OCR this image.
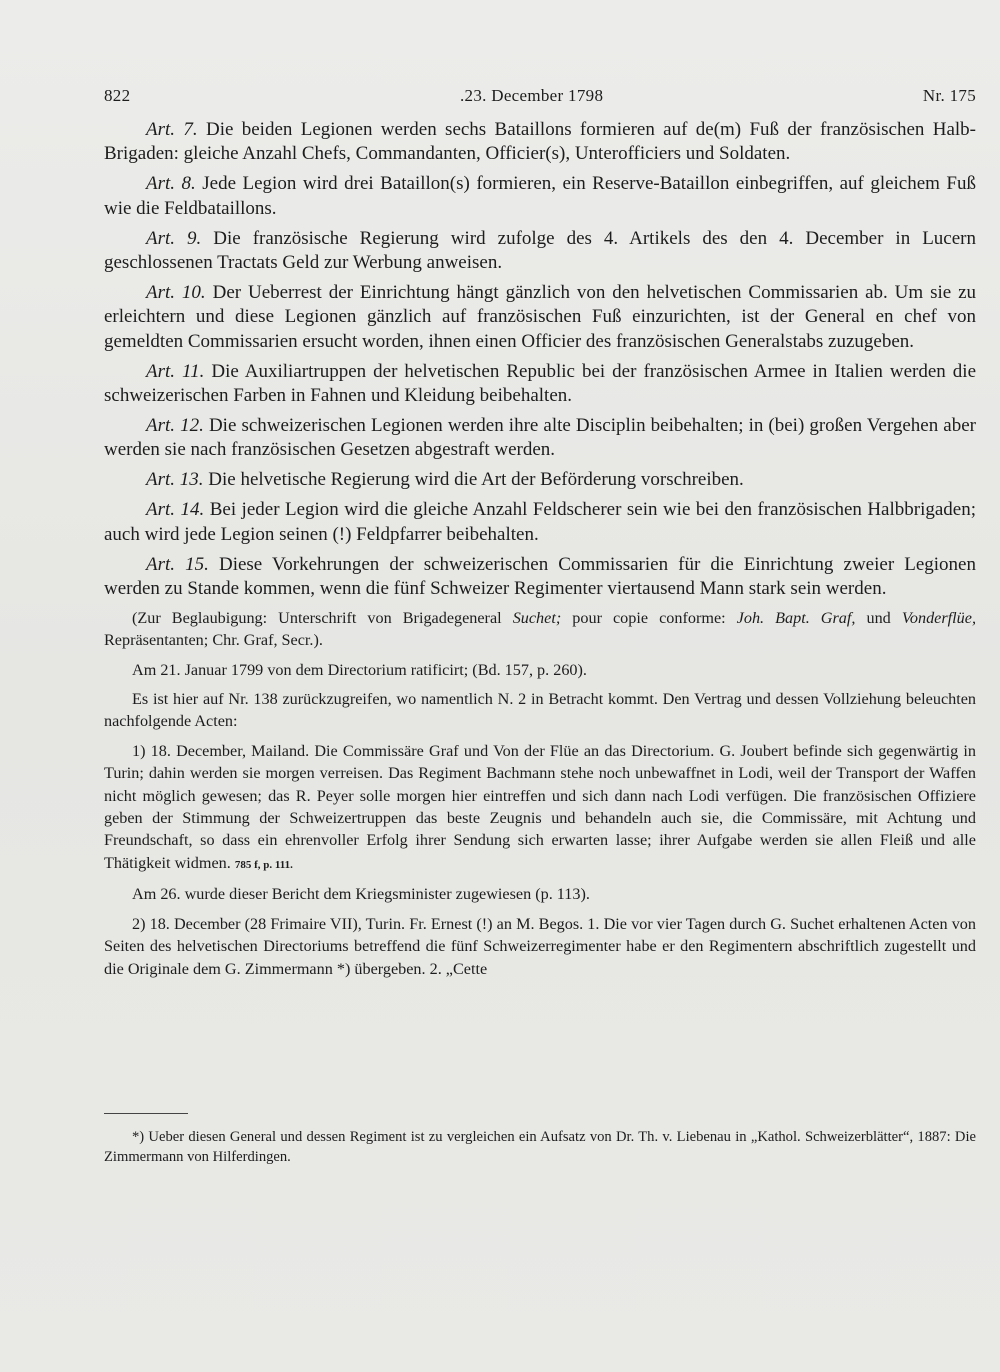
822	.23. December 1798	Nr. 175

Art. 7. Die beiden Legionen werden sechs Bataillons formieren auf de(m) Fuß der französischen Halb-Brigaden: gleiche Anzahl Chefs, Commandanten, Officier(s), Unterofficiers und Soldaten.

Art. 8. Jede Legion wird drei Bataillon(s) formieren, ein Reserve-Bataillon einbegriffen, auf gleichem Fuß wie die Feldbataillons.

Art. 9. Die französische Regierung wird zufolge des 4. Artikels des den 4. December in Lucern geschlossenen Tractats Geld zur Werbung anweisen.

Art. 10. Der Ueberrest der Einrichtung hängt gänzlich von den helvetischen Commissarien ab. Um sie zu erleichtern und diese Legionen gänzlich auf französischen Fuß einzurichten, ist der General en chef von gemeldten Commissarien ersucht worden, ihnen einen Officier des französischen Generalstabs zuzugeben.

Art. 11. Die Auxiliartruppen der helvetischen Republic bei der französischen Armee in Italien werden die schweizerischen Farben in Fahnen und Kleidung beibehalten.

Art. 12. Die schweizerischen Legionen werden ihre alte Disciplin beibehalten; in (bei) großen Vergehen aber werden sie nach französischen Gesetzen abgestraft werden.

Art. 13. Die helvetische Regierung wird die Art der Beförderung vorschreiben.

Art. 14. Bei jeder Legion wird die gleiche Anzahl Feldscherer sein wie bei den französischen Halbbrigaden; auch wird jede Legion seinen (!) Feldpfarrer beibehalten.

Art. 15. Diese Vorkehrungen der schweizerischen Commissarien für die Einrichtung zweier Legionen werden zu Stande kommen, wenn die fünf Schweizer Regimenter viertausend Mann stark sein werden.

(Zur Beglaubigung: Unterschrift von Brigadegeneral Suchet; pour copie conforme: Joh. Bapt. Graf, und Vonderflüe, Repräsentanten; Chr. Graf, Secr.).

Am 21. Januar 1799 von dem Directorium ratificirt; (Bd. 157, p. 260).

Es ist hier auf Nr. 138 zurückzugreifen, wo namentlich N. 2 in Betracht kommt. Den Vertrag und dessen Vollziehung beleuchten nachfolgende Acten:

1) 18. December, Mailand. Die Commissäre Graf und Von der Flüe an das Directorium. G. Joubert befinde sich gegenwärtig in Turin; dahin werden sie morgen verreisen. Das Regiment Bachmann stehe noch unbewaffnet in Lodi, weil der Transport der Waffen nicht möglich gewesen; das R. Peyer solle morgen hier eintreffen und sich dann nach Lodi verfügen. Die französischen Offiziere geben der Stimmung der Schweizertruppen das beste Zeugnis und behandeln auch sie, die Commissäre, mit Achtung und Freundschaft, so dass ein ehrenvoller Erfolg ihrer Sendung sich erwarten lasse; ihrer Aufgabe werden sie allen Fleiß und alle Thätigkeit widmen. 785 f, p. 111.

Am 26. wurde dieser Bericht dem Kriegsminister zugewiesen (p. 113).

2) 18. December (28 Frimaire VII), Turin. Fr. Ernest (!) an M. Begos. 1. Die vor vier Tagen durch G. Suchet erhaltenen Acten von Seiten des helvetischen Directoriums betreffend die fünf Schweizerregimenter habe er den Regimentern abschriftlich zugestellt und die Originale dem G. Zimmermann *) übergeben. 2. „Cette

*) Ueber diesen General und dessen Regiment ist zu vergleichen ein Aufsatz von Dr. Th. v. Liebenau in „Kathol. Schweizerblätter“, 1887: Die Zimmermann von Hilferdingen.
